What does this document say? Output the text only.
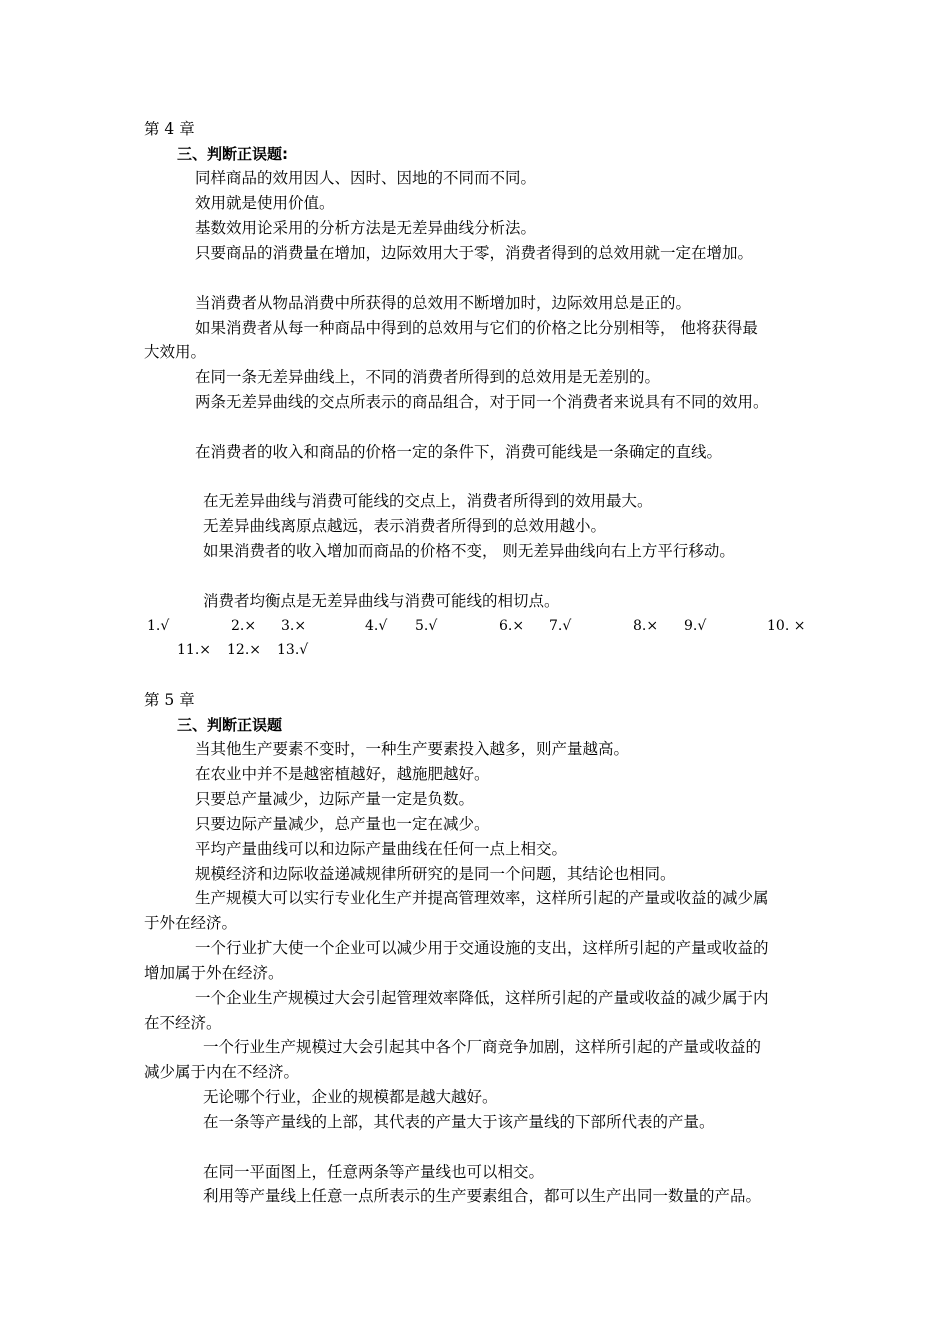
第 4 章
三、判断正误题:
同样商品的效用因人、因时、因地的不同而不同。
效用就是使用价值。
基数效用论采用的分析方法是无差异曲线分析法。
只要商品的消费量在增加，边际效用大于零，消费者得到的总效用就一定在增加。
当消费者从物品消费中所获得的总效用不断增加时，边际效用总是正的。
如果消费者从每一种商品中得到的总效用与它们的价格之比分别相等， 他将获得最
大效用。
在同一条无差异曲线上，不同的消费者所得到的总效用是无差别的。
两条无差异曲线的交点所表示的商品组合，对于同一个消费者来说具有不同的效用。
在消费者的收入和商品的价格一定的条件下，消费可能线是一条确定的直线。
在无差异曲线与消费可能线的交点上，消费者所得到的效用最大。
无差异曲线离原点越远，表示消费者所得到的总效用越小。
如果消费者的收入增加而商品的价格不变， 则无差异曲线向右上方平行移动。
消费者均衡点是无差异曲线与消费可能线的相切点。
1.√	2.× 3.×	4.√ 5.√	6.× 7.√	8.× 9.√	10. ×
11.× 12.× 13.√
第 5 章
三、判断正误题
当其他生产要素不变时，一种生产要素投入越多，则产量越高。
在农业中并不是越密植越好，越施肥越好。
只要总产量减少，边际产量一定是负数。
只要边际产量减少，总产量也一定在减少。
平均产量曲线可以和边际产量曲线在任何一点上相交。
规模经济和边际收益递减规律所研究的是同一个问题，其结论也相同。
生产规模大可以实行专业化生产并提高管理效率，这样所引起的产量或收益的减少属
于外在经济。
一个行业扩大使一个企业可以减少用于交通设施的支出，这样所引起的产量或收益的
增加属于外在经济。
一个企业生产规模过大会引起管理效率降低，这样所引起的产量或收益的减少属于内
在不经济。
一个行业生产规模过大会引起其中各个厂商竞争加剧，这样所引起的产量或收益的
减少属于内在不经济。
无论哪个行业，企业的规模都是越大越好。
在一条等产量线的上部，其代表的产量大于该产量线的下部所代表的产量。
在同一平面图上，任意两条等产量线也可以相交。
利用等产量线上任意一点所表示的生产要素组合，都可以生产出同一数量的产品。
